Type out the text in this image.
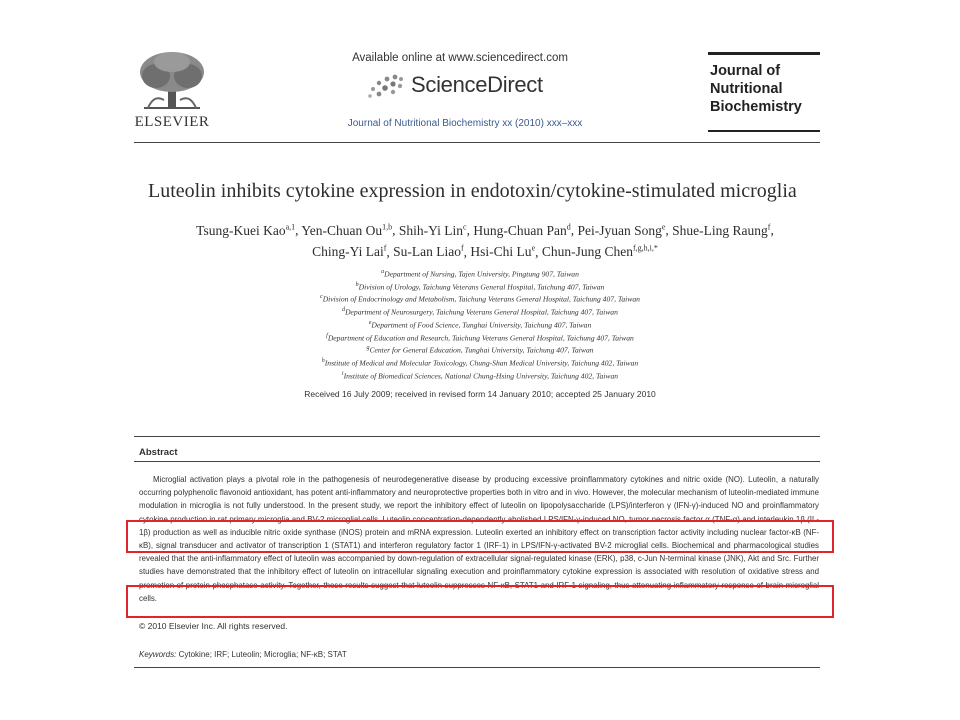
ELSEVIER
Available online at www.sciencedirect.com
ScienceDirect
Journal of Nutritional Biochemistry xx (2010) xxx–xxx
Journal of
Nutritional
Biochemistry
Luteolin inhibits cytokine expression in endotoxin/cytokine-stimulated microglia
Tsung-Kuei Kao$^{a,1}$, Yen-Chuan Ou$^{1,b}$, Shih-Yi Lin$^c$, Hung-Chuan Pan$^d$, Pei-Jyuan Song$^e$, Shue-Ling Raung$^f$,
Ching-Yi Lai$^f$, Su-Lan Liao$^f$, Hsi-Chi Lu$^e$, Chun-Jung Chen$^{f,g,h,i,*}$
$^a$Department of Nursing, Tajen University, Pingtung 907, Taiwan
$^b$Division of Urology, Taichung Veterans General Hospital, Taichung 407, Taiwan
$^c$Division of Endocrinology and Metabolism, Taichung Veterans General Hospital, Taichung 407, Taiwan
$^d$Department of Neurosurgery, Taichung Veterans General Hospital, Taichung 407, Taiwan
$^e$Department of Food Science, Tunghai University, Taichung 407, Taiwan
$^f$Department of Education and Research, Taichung Veterans General Hospital, Taichung 407, Taiwan
$^g$Center for General Education, Tunghai University, Taichung 407, Taiwan
$^h$Institute of Medical and Molecular Toxicology, Chung-Shan Medical University, Taichung 402, Taiwan
$^i$Institute of Biomedical Sciences, National Chung-Hsing University, Taichung 402, Taiwan
Received 16 July 2009; received in revised form 14 January 2010; accepted 25 January 2010
Abstract
Microglial activation plays a pivotal role in the pathogenesis of neurodegenerative disease by producing excessive proinflammatory cytokines and nitric oxide (NO). Luteolin, a naturally occurring polyphenolic flavonoid antioxidant, has potent anti-inflammatory and neuroprotective properties both in vitro and in vivo. However, the molecular mechanism of luteolin-mediated immune modulation in microglia is not fully understood. In the present study, we report the inhibitory effect of luteolin on lipopolysaccharide (LPS)/interferon γ (IFN-γ)-induced NO and proinflammatory cytokine production in rat primary microglia and BV-2 microglial cells. Luteolin concentration-dependently abolished LPS/IFN-γ-induced NO, tumor necrosis factor α (TNF-α) and interleukin 1β (IL-1β) production as well as inducible nitric oxide synthase (iNOS) protein and mRNA expression. Luteolin exerted an inhibitory effect on transcription factor activity including nuclear factor-κB (NF-κB), signal transducer and activator of transcription 1 (STAT1) and interferon regulatory factor 1 (IRF-1) in LPS/IFN-γ-activated BV-2 microglial cells. Biochemical and pharmacological studies revealed that the anti-inflammatory effect of luteolin was accompanied by down-regulation of extracellular signal-regulated kinase (ERK), p38, c-Jun N-terminal kinase (JNK), Akt and Src. Further studies have demonstrated that the inhibitory effect of luteolin on intracellular signaling execution and proinflammatory cytokine expression is associated with resolution of oxidative stress and promotion of protein phosphatase activity. Together, these results suggest that luteolin suppresses NF-κB, STAT1 and IRF-1 signaling, thus attenuating inflammatory response of brain microglial cells.
© 2010 Elsevier Inc. All rights reserved.
Keywords: Cytokine; IRF; Luteolin; Microglia; NF-κB; STAT
